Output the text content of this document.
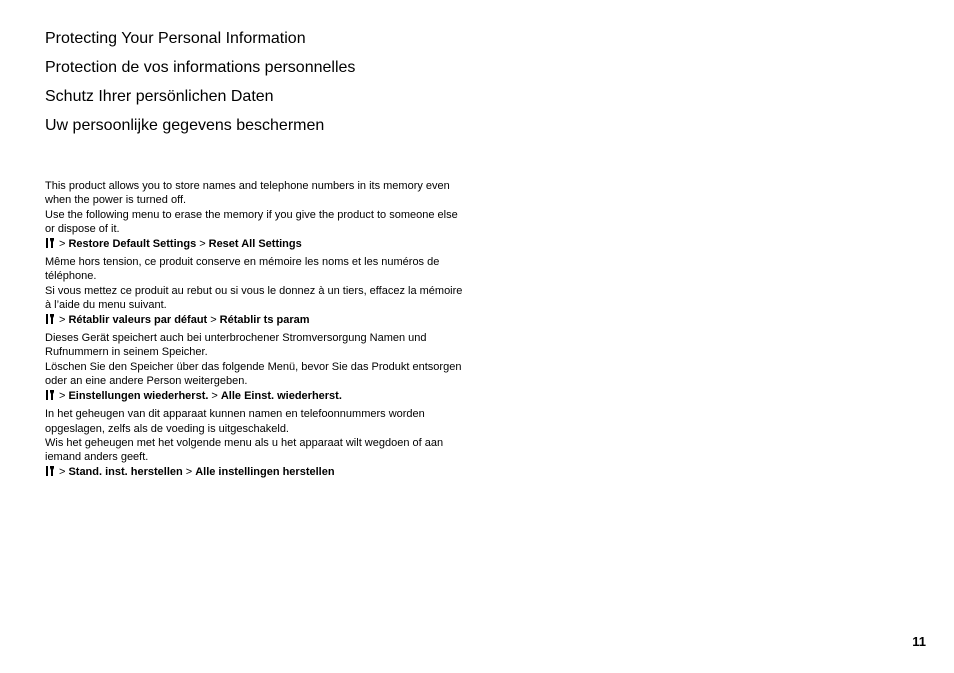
Protecting Your Personal Information
Protection de vos informations personnelles
Schutz Ihrer persönlichen Daten
Uw persoonlijke gegevens beschermen

This product allows you to store names and telephone numbers in its memory even when the power is turned off.

Use the following menu to erase the memory if you give the product to someone else or dispose of it.

> Restore Default Settings > Reset All Settings

Même hors tension, ce produit conserve en mémoire les noms et les numéros de téléphone.

Si vous mettez ce produit au rebut ou si vous le donnez à un tiers, effacez la mémoire à l’aide du menu suivant.

> Rétablir valeurs par défaut > Rétablir ts param

Dieses Gerät speichert auch bei unterbrochener Stromversorgung Namen und Rufnummern in seinem Speicher.

Löschen Sie den Speicher über das folgende Menü, bevor Sie das Produkt entsorgen oder an eine andere Person weitergeben.

> Einstellungen wiederherst. > Alle Einst. wiederherst.

In het geheugen van dit apparaat kunnen namen en telefoonnummers worden opgeslagen, zelfs als de voeding is uitgeschakeld.

Wis het geheugen met het volgende menu als u het apparaat wilt wegdoen of aan iemand anders geeft.

> Stand. inst. herstellen > Alle instellingen herstellen

11
